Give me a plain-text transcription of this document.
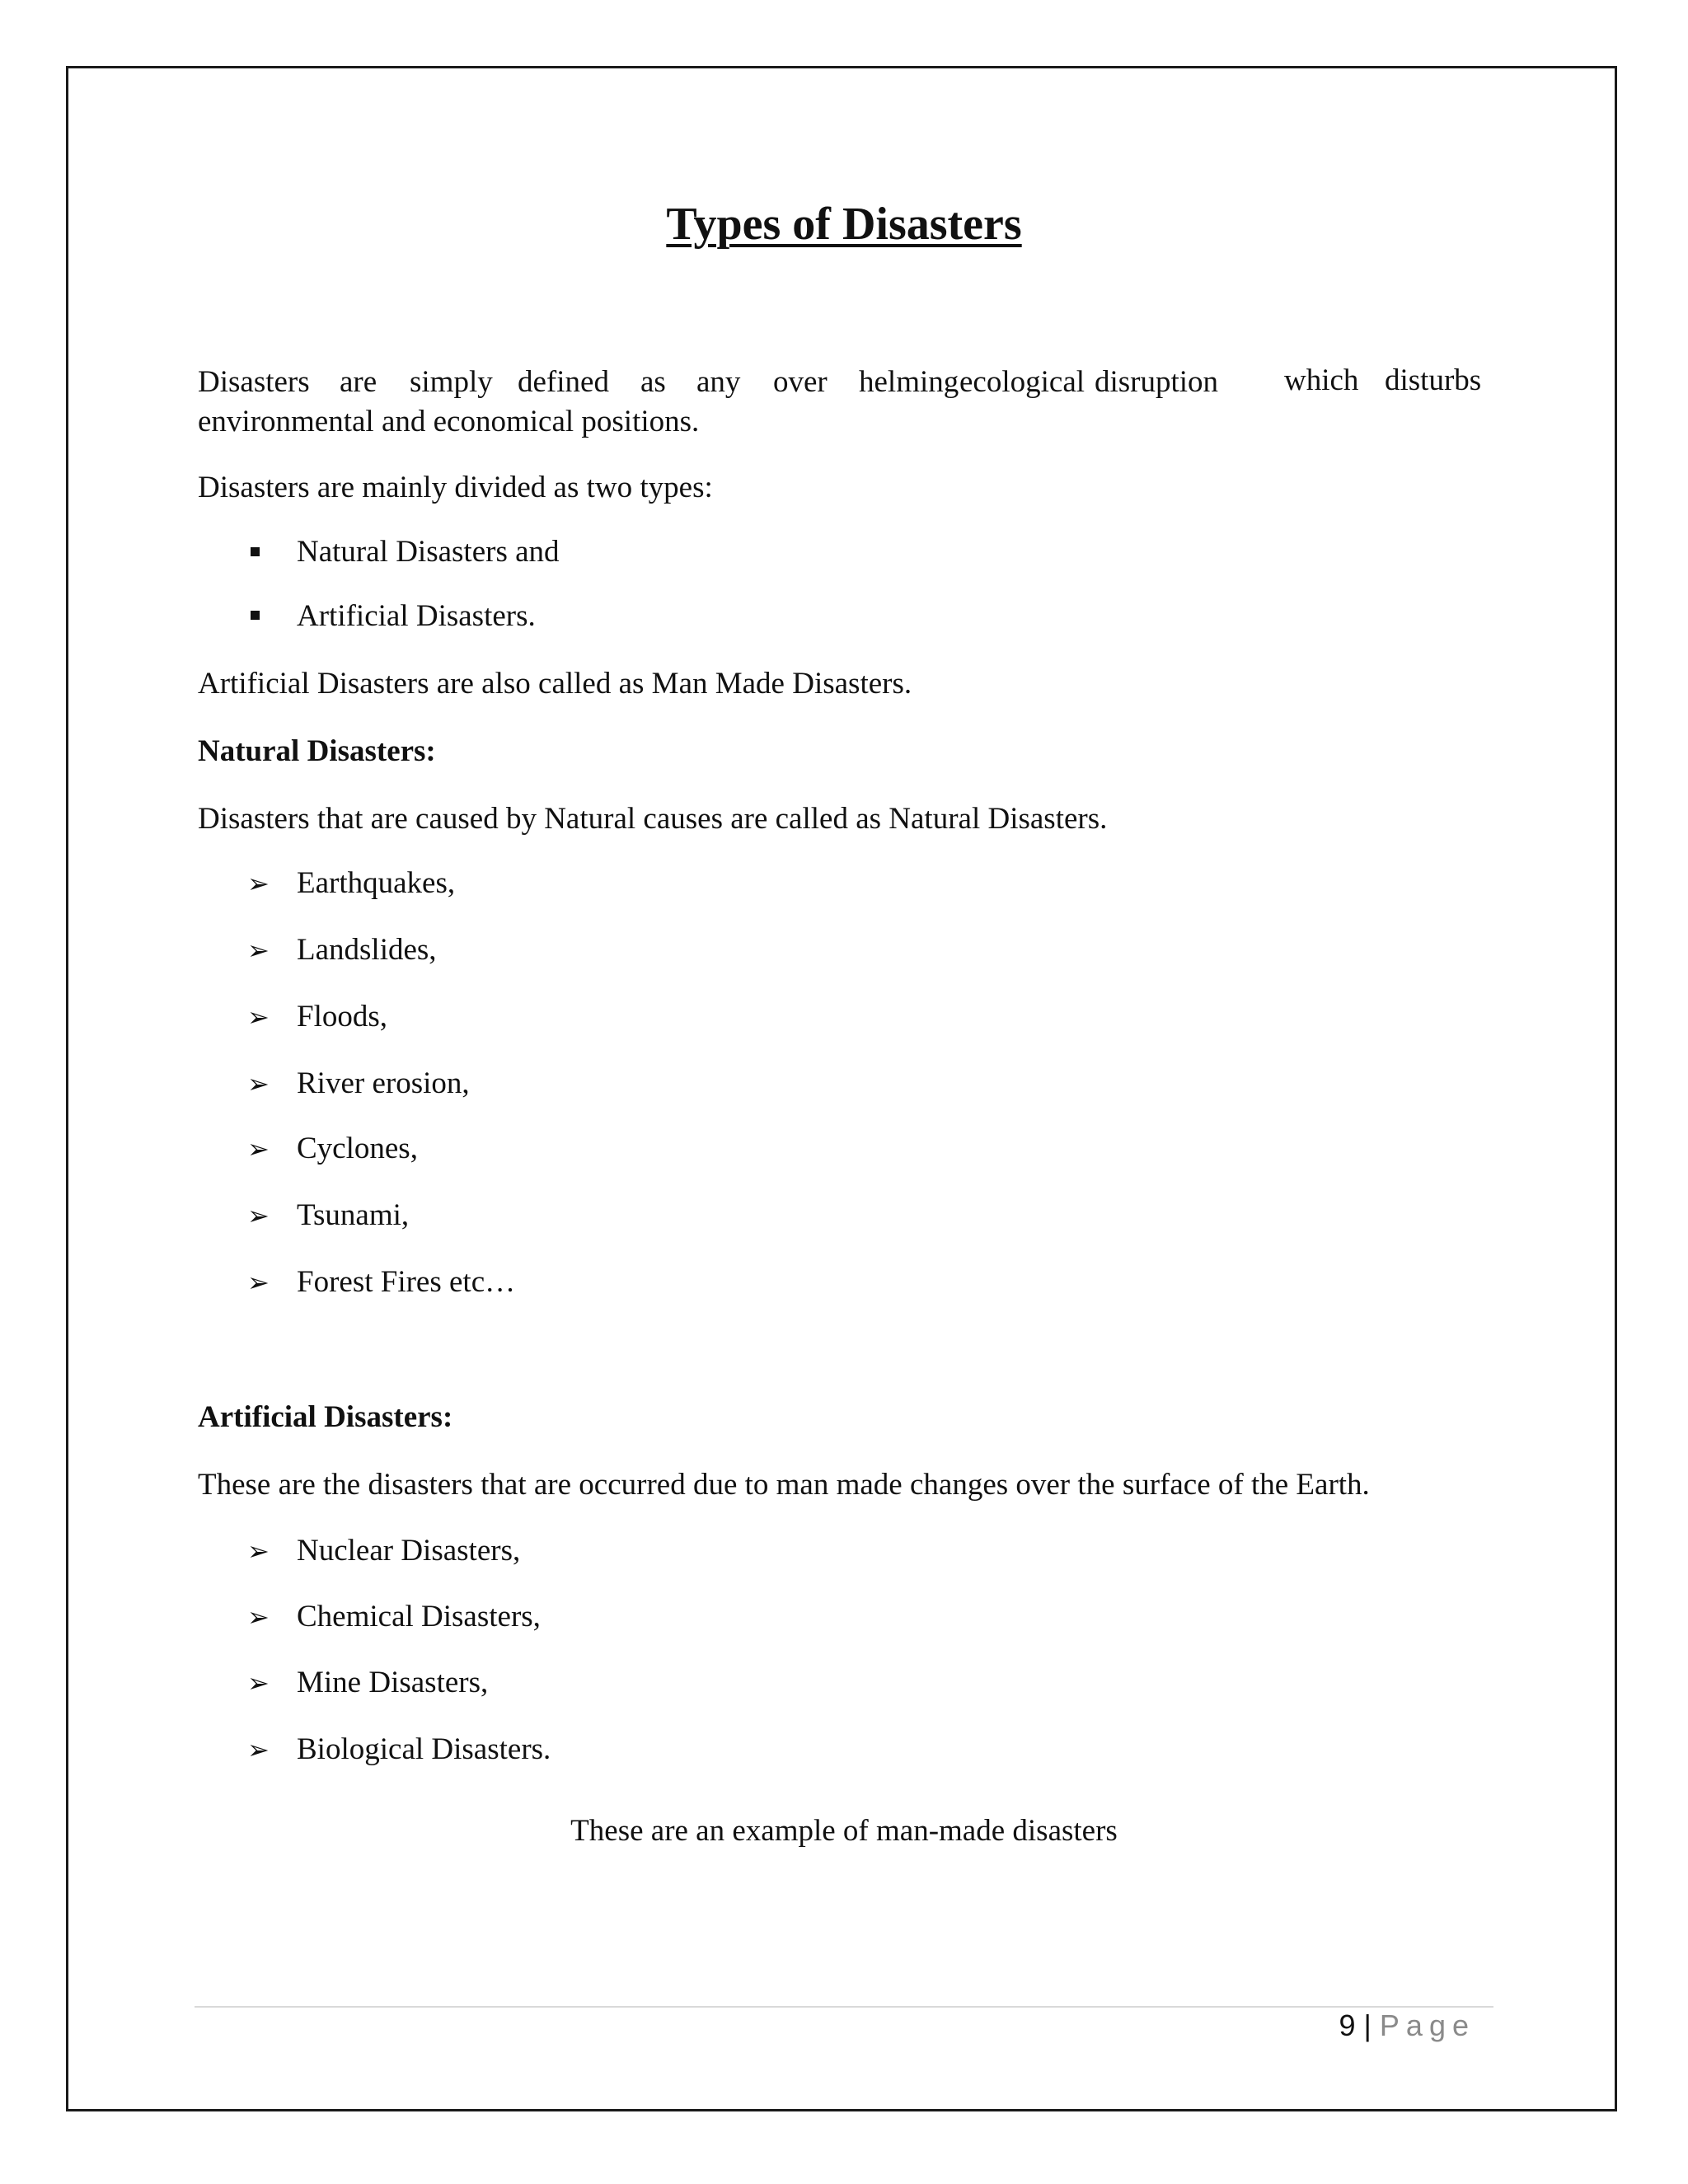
Types of Disasters
Disasters are simply defined as any over helming ecological disruption which disturbs
environmental and economical positions.
Disasters are mainly divided as two types:
Natural Disasters and
Artificial Disasters.
Artificial Disasters are also called as Man Made Disasters.
Natural Disasters:
Disasters that are caused by Natural causes are called as Natural Disasters.
➢ Earthquakes,
➢ Landslides,
➢ Floods,
➢ River erosion,
➢ Cyclones,
➢ Tsunami,
➢ Forest Fires etc…
Artificial Disasters:
These are the disasters that are occurred due to man made changes over the surface of the Earth.
➢ Nuclear Disasters,
➢ Chemical Disasters,
➢ Mine Disasters,
➢ Biological Disasters.
These are an example of man-made disasters
9 | Page
